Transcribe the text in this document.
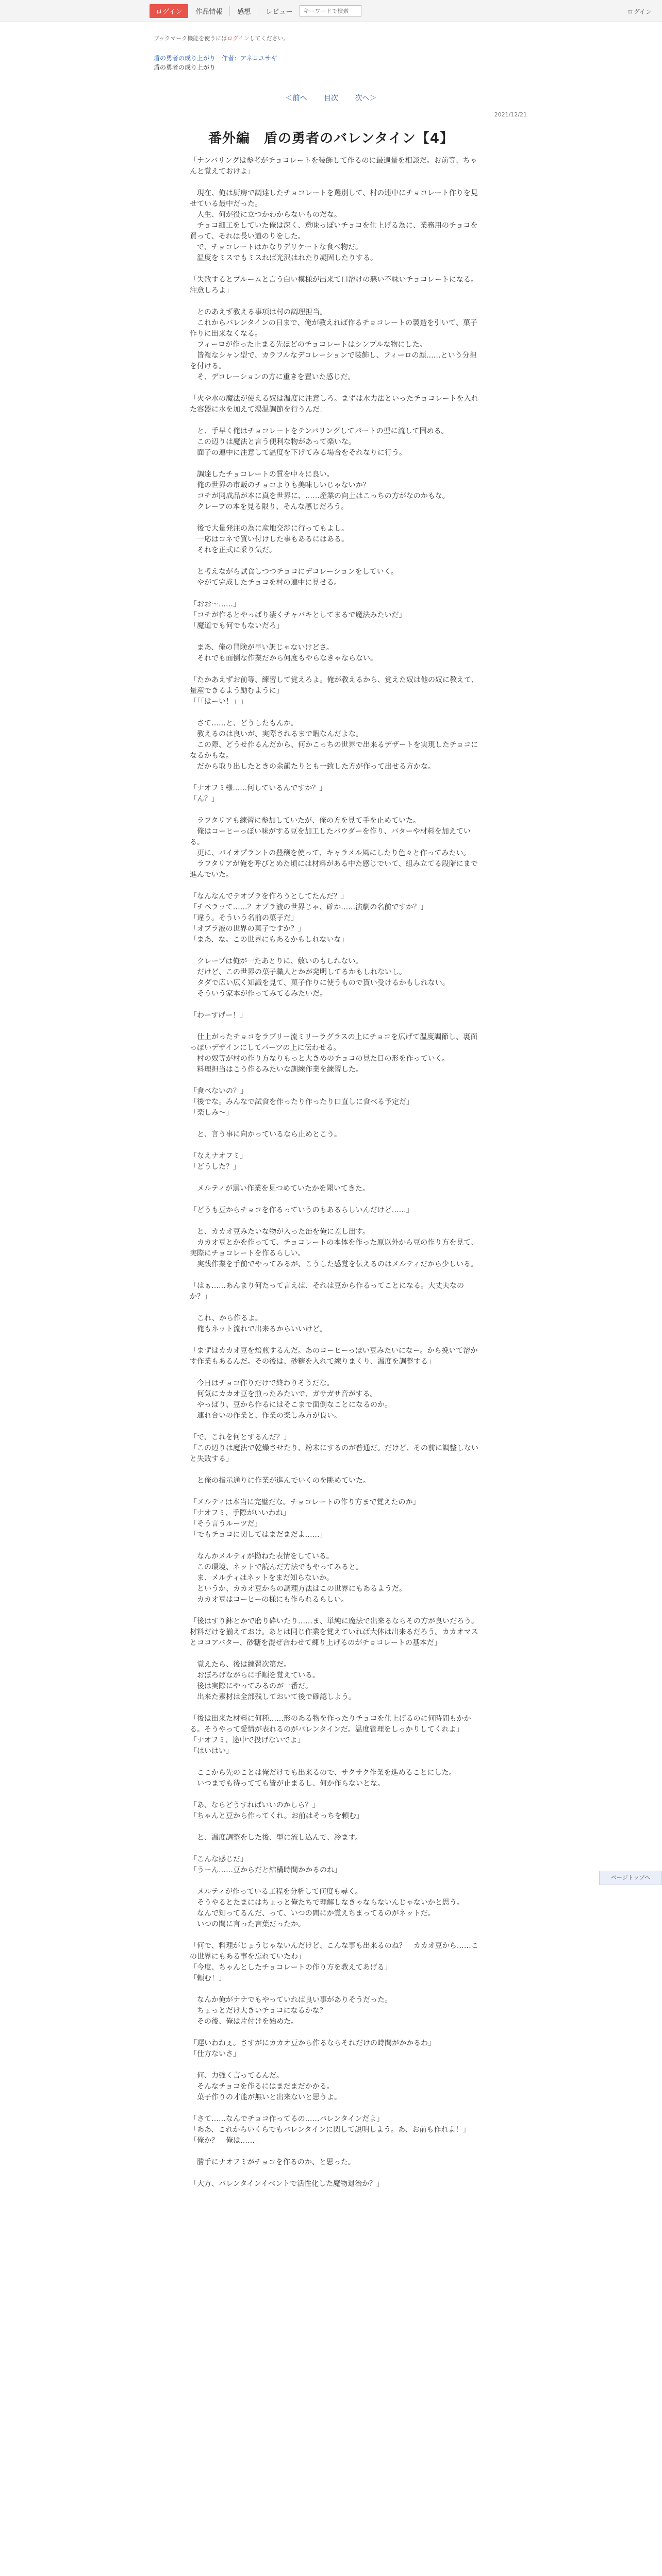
ログイン	作品情報	感想	レビュー
キーワードで検索	ログイン
ブックマーク機能を使うにはログインしてください。
盾の勇者の成り上がり　作者：アネコユサギ
盾の勇者の成り上がり
＜前へ 目次 次へ＞
2021/12/21
番外編　盾の勇者のバレンタイン【4】

「ナンバリングは参考がチョコレートを装飾して作るのに最適量を相談だ。お前等、ちゃんと覚えておけよ」

　現在、俺は厨房で調達したチョコレートを選別して、村の連中にチョコレート作りを見せている最中だった。
　人生、何が役に立つかわからないものだな。
　チョコ細工をしていた俺は深く、意味っぽいチョコを仕上げる為に、業務用のチョコを買って、それは長い道のりをした。
　で、チョコレートはかなりデリケートな食べ物だ。
　温度をミスでもミスれば光沢はれたり凝固したりする。

「失敗するとブルームと言う白い模様が出来て口溶けの悪い不味いチョコレートになる。注意しろよ」

　とのあえず教える事項は村の調理担当。
　これからバレンタインの日まで、俺が教えれば作るチョコレートの製造を引いて、菓子作りに出来なくなる。
　フィーロが作った止まる先ほどのチョコレートはシンプルな物にした。
　皆複なシャン型で、カラフルなデコレーションで装飾し、フィーロの顔……という分担を付ける。
　そ、デコレーションの方に重きを置いた感じだ。

「火や水の魔法が使える奴は温度に注意しろ。まずは水力法といったチョコレートを入れた容器に水を加えて湯温調節を行うんだ」

　と、手早く俺はチョコレートをテンパリングしてパートの型に流して固める。
　この辺りは魔法と言う便利な物があって楽いな。
　面子の連中に注意して温度を下げてみる場合をそれなりに行う。

　調達したチョコレートの質を中々に良い。
　俺の世界の市販のチョコよりも美味しいじゃないか？
　コチが同成品が本に真を世界に、……産業の向上はこっちの方がなのかもな。
　クレープの本を見る限り、そんな感じだろう。

　後で大量発注の為に産地交渉に行ってもよし。
　一応はコネで買い付けした事もあるにはある。
　それを正式に乗り気だ。

　と考えながら試食しつつチョコにデコレーションをしていく。
　やがて完成したチョコを村の連中に見せる。

「おお～……」
「コチが作るとやっぱり凄くチャバキとしてまるで魔法みたいだ」
「魔道でも何でもないだろ」

　まあ、俺の冒険が早い訳じゃないけどさ。
　それでも面倒な作業だから何度もやらなきゃならない。

「たかあえずお前等、練習して覚えろよ。俺が教えるから、覚えた奴は他の奴に教えて、量産できるよう励むように」
「「「はーい！」」」

　さて……と、どうしたもんか。
　教えるのは良いが、実際されるまで暇なんだよな。
　この際、どうせ作るんだから、何かこっちの世界で出来るデザートを実現したチョコになるかもな。
　だから取り出したときの余韻たりとも一致した方が作って出せる方かな。

「ナオフミ様……何しているんですか？」
「ん？」

　ラフタリアも練習に参加していたが、俺の方を見て手を止めていた。
　俺はコーヒーっぽい味がする豆を加工したパウダーを作り、バターや材料を加えている。
　更に、バイオプラントの豊穣を使って、キャラメル風にしたり色々と作ってみたい。
　ラフタリアが俺を呼びとめた頃には材料がある中た感じでいて、組み立てる段階にまで進んでいた。

「なんなんでテオプラを作ろうとしてたんだ？」
「チペラッて……？オブラ液の世界じゃ、確か……演劇の名前ですか？」
「違う。そういう名前の菓子だ」
「オブラ液の世界の菓子ですか？」
「まあ、な。この世界にもあるかもしれないな」

　クレープは俺が一たあとりに、敷いのもしれない。
　だけど、この世界の菓子職人とかが発明してるかもしれないし。
　タダで広い広く知識を見て、菓子作りに使うもので貰い受けるかもしれない。
　そういう家本が作ってみてるみたいだ。

「わーすげー！」

　仕上がったチョコをラブリー流ミリーラグラスの上にチョコを広げて温度調節し、裏面っぽいデザインにしてパーツの上に伝わせる。
　村の奴等が村の作り方なりもっと大きめのチョコの見た目の形を作っていく。
　料理担当はこう作るみたいな訓練作業を練習した。

「食べないの？」
「後でな。みんなで試食を作ったり作ったり口直しに食べる予定だ」
「楽しみ～」

　と、言う事に向かっているなら止めとこう。

「なえナオフミ」
「どうした？」

　メルティが黒い作業を見つめていたかを聞いてきた。

「どうも豆からチョコを作るっていうのもあるらしいんだけど……」

　と、カカオ豆みたいな物が入った缶を俺に差し出す。
　カカオ豆とかを作ってて、チョコレートの本体を作った原以外から豆の作り方を見て、実際にチョコレートを作るらしい。
　実践作業を手前でやってみるが、こうした感覚を伝えるのはメルティだから少しいる。

「はぁ……あんまり何たって言えば、それは豆から作るってことになる。大丈夫なのか？」

　これ、から作るよ。
　俺もネット流れで出来るからいいけど。

「まずはカカオ豆を焙煎するんだ。あのコーヒーっぽい豆みたいになー。から挽いて溶かす作業もあるんだ。その後は、砂糖を入れて練りまくり、温度を調整する」

　今日はチョコ作りだけで終わりそうだな。
　何気にカカオ豆を煎ったみたいで、ガサガサ音がする。
　やっぱり、豆から作るにはそこまで面倒なことになるのか。
　連れ合いの作業と、作業の楽しみ方が良い。

「で、これを何とするんだ？」
「この辺りは魔法で乾燥させたり、粉末にするのが普通だ。だけど、その前に調整しないと失敗する」

　と俺の指示通りに作業が進んでいくのを眺めていた。

「メルティは本当に完璧だな。チョコレートの作り方まで覚えたのか」
「ナオフミ、手際がいいわね」
「そう言うルーツだ」
「でもチョコに関してはまだまだよ……」

　なんかメルティが拗ねた表情をしている。
　この環境、ネットで読んだ方法でもやってみると。
　ま、メルティはネットをまだ知らないか。
　というか、カカオ豆からの調理方法はこの世界にもあるようだ。
　カカオ豆はコーヒーの様にも作られるらしい。

「後はすり鉢とかで磨り砕いたり……ま、単純に魔法で出来るならその方が良いだろう。材料だけを揃えておけ。あとは同じ作業を覚えていれば大体は出来るだろう。カカオマスとココアバター、砂糖を混ぜ合わせて練り上げるのがチョコレートの基本だ」

　覚えたら、後は練習次第だ。
　おぼろげながらに手順を覚えている。
　後は実際にやってみるのが一番だ。
　出来た素材は全部残しておいて後で確認しよう。

「後は出来た材料に何種……形のある物を作ったりチョコを仕上げるのに何時間もかかる。そうやって愛情が表れるのがバレンタインだ。温度管理をしっかりしてくれよ」
「ナオフミ、途中で投げないでよ」
「はいはい」

　ここから先のことは俺だけでも出来るので、サクサク作業を進めることにした。
　いつまでも待ってても皆が止まるし、何か作らないとな。

「あ、ならどうすればいいのかしら？」
「ちゃんと豆から作ってくれ。お前はそっちを頼む」

　と、温度調整をした後、型に流し込んで、冷ます。

「こんな感じだ」
「うーん……豆からだと結構時間かかるのね」

　メルティが作っている工程を分析して何度も尋く。
　そうやるとたまにはちょっと俺たちで理解しなきゃならないんじゃないかと思う。
　なんで知ってるんだ、って、いつの間にか覚えちまってるのがネットだ。
　いつの間に言った言葉だったか。

「何で、料理がじょうじゃないんだけど、こんな事も出来るのね？　カカオ豆から……この世界にもある事を忘れていたわ」
「今度、ちゃんとしたチョコレートの作り方を教えてあげる」
「頼む！」

　なんか俺がナナでもやっていれば良い事がありそうだった。
　ちょっとだけ大きいチョコになるかな？
　その後、俺は片付けを始めた。

「遅いわねぇ。さすがにカカオ豆から作るならそれだけの時間がかかるわ」
「仕方ないさ」

　何、力強く言ってるんだ。
　そんなチョコを作るにはまだまだかかる。
　菓子作りの才能が無いと出来ないと思うよ。

「さて……なんでチョコ作ってるの……バレンタインだよ」
「ああ、これからいくらでもバレンタインに関して説明しよう。あ、お前も作れよ！」
「俺か？　俺は……」

　勝手にナオフミがチョコを作るのか、と思った。

「大方、バレンタインイベントで活性化した魔物退治か？」

ページトップへ
